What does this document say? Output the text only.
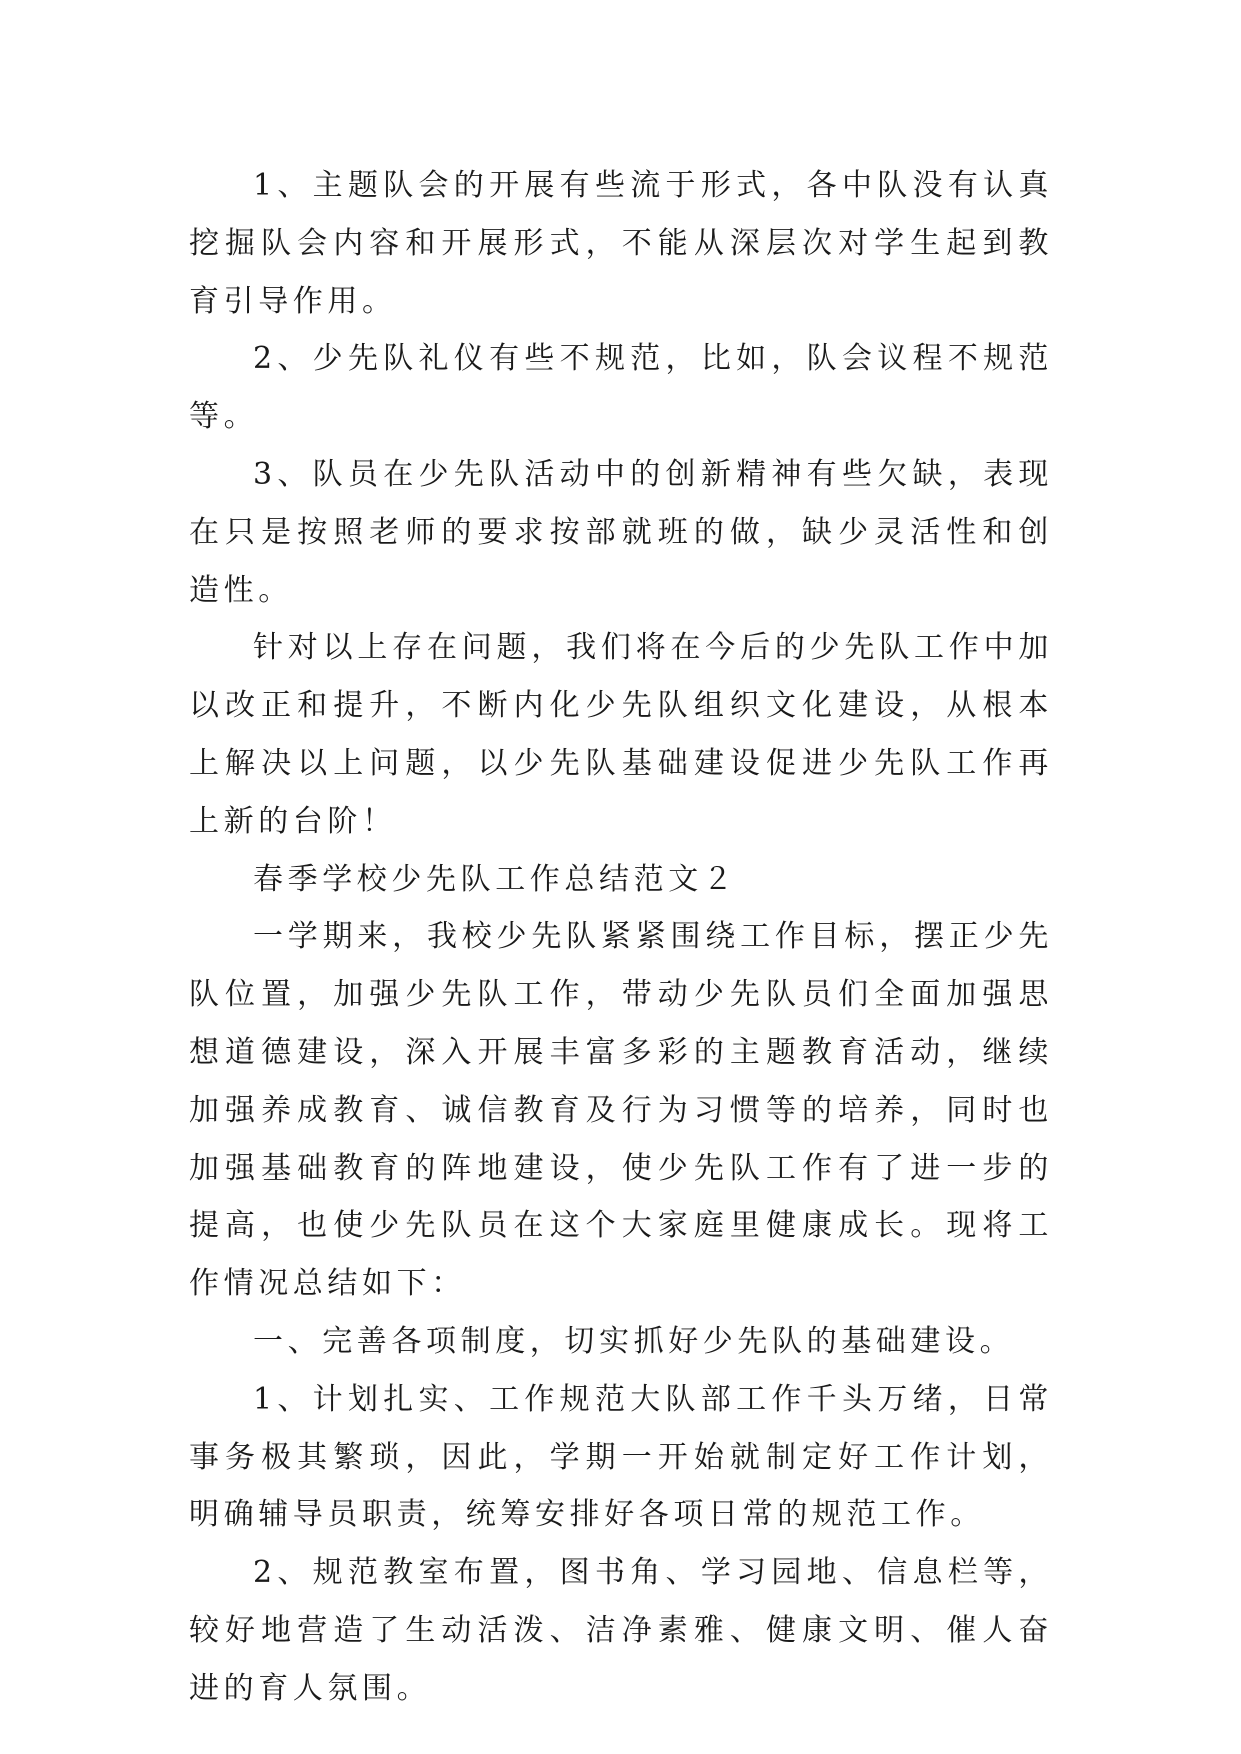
1、主题队会的开展有些流于形式，各中队没有认真挖掘队会内容和开展形式，不能从深层次对学生起到教育引导作用。

2、少先队礼仪有些不规范，比如，队会议程不规范等。

3、队员在少先队活动中的创新精神有些欠缺，表现在只是按照老师的要求按部就班的做，缺少灵活性和创造性。

针对以上存在问题，我们将在今后的少先队工作中加以改正和提升，不断内化少先队组织文化建设，从根本上解决以上问题，以少先队基础建设促进少先队工作再上新的台阶！

春季学校少先队工作总结范文２

一学期来，我校少先队紧紧围绕工作目标，摆正少先队位置，加强少先队工作，带动少先队员们全面加强思想道德建设，深入开展丰富多彩的主题教育活动，继续加强养成教育、诚信教育及行为习惯等的培养，同时也加强基础教育的阵地建设，使少先队工作有了进一步的提高，也使少先队员在这个大家庭里健康成长。现将工作情况总结如下：

一、完善各项制度，切实抓好少先队的基础建设。

1、计划扎实、工作规范大队部工作千头万绪，日常事务极其繁琐，因此，学期一开始就制定好工作计划，明确辅导员职责，统筹安排好各项日常的规范工作。

2、规范教室布置，图书角、学习园地、信息栏等，较好地营造了生动活泼、洁净素雅、健康文明、催人奋进的育人氛围。
